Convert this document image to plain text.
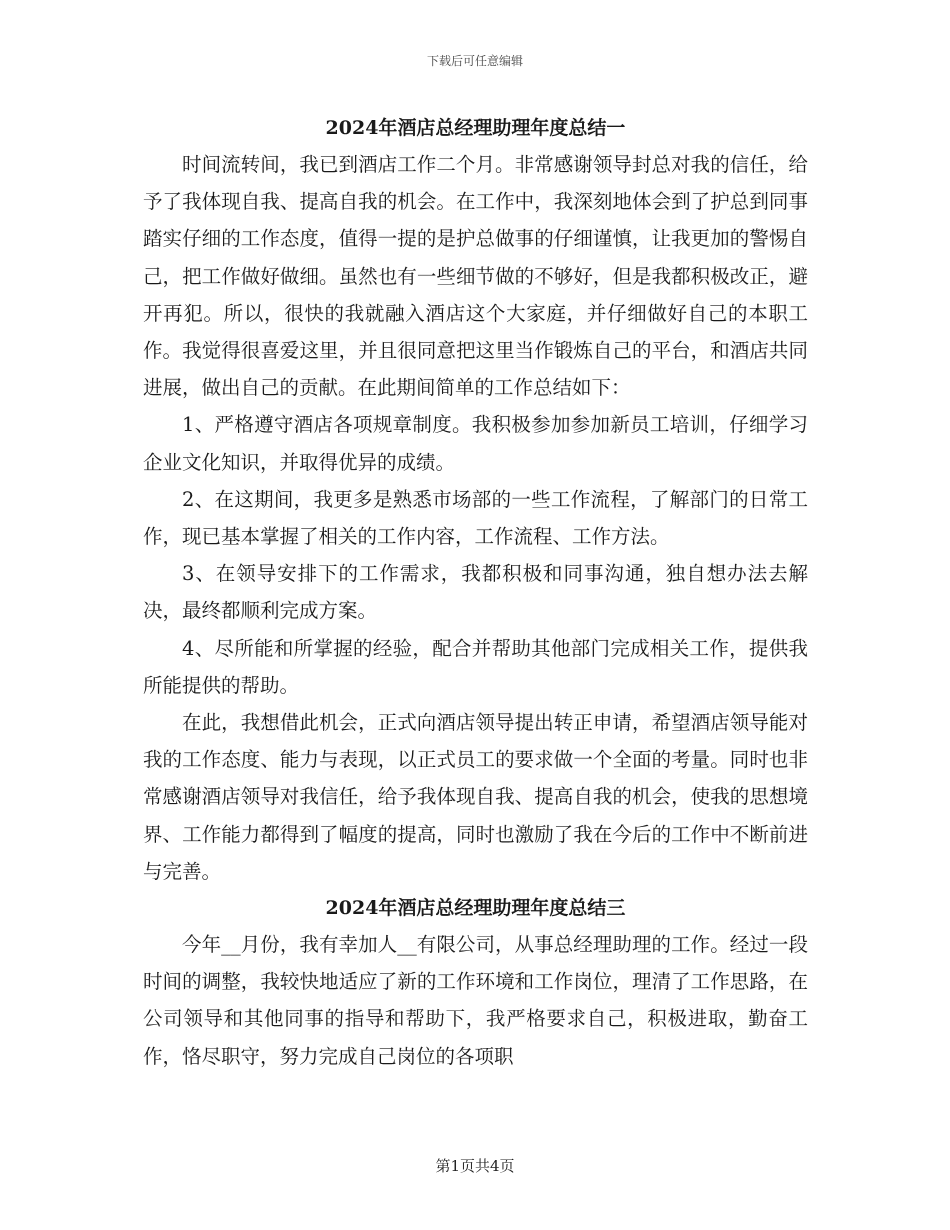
下载后可任意编辑
2024年酒店总经理助理年度总结一

时间流转间，我已到酒店工作二个月。非常感谢领导封总对我的信任，给予了我体现自我、提高自我的机会。在工作中，我深刻地体会到了护总到同事踏实仔细的工作态度，值得一提的是护总做事的仔细谨慎，让我更加的警惕自己，把工作做好做细。虽然也有一些细节做的不够好，但是我都积极改正，避开再犯。所以，很快的我就融入酒店这个大家庭，并仔细做好自己的本职工作。我觉得很喜爱这里，并且很同意把这里当作锻炼自己的平台，和酒店共同进展，做出自己的贡献。在此期间简单的工作总结如下：

1、严格遵守酒店各项规章制度。我积极参加参加新员工培训，仔细学习企业文化知识，并取得优异的成绩。

2、在这期间，我更多是熟悉市场部的一些工作流程，了解部门的日常工作，现已基本掌握了相关的工作内容，工作流程、工作方法。

3、在领导安排下的工作需求，我都积极和同事沟通，独自想办法去解决，最终都顺利完成方案。

4、尽所能和所掌握的经验，配合并帮助其他部门完成相关工作，提供我所能提供的帮助。

在此，我想借此机会，正式向酒店领导提出转正申请，希望酒店领导能对我的工作态度、能力与表现，以正式员工的要求做一个全面的考量。同时也非常感谢酒店领导对我信任，给予我体现自我、提高自我的机会，使我的思想境界、工作能力都得到了幅度的提高，同时也激励了我在今后的工作中不断前进与完善。

2024年酒店总经理助理年度总结三

今年__月份，我有幸加人__有限公司，从事总经理助理的工作。经过一段时间的调整，我较快地适应了新的工作环境和工作岗位，理清了工作思路，在公司领导和其他同事的指导和帮助下，我严格要求自己，积极进取，勤奋工作，恪尽职守，努力完成自己岗位的各项职

第1页共4页
